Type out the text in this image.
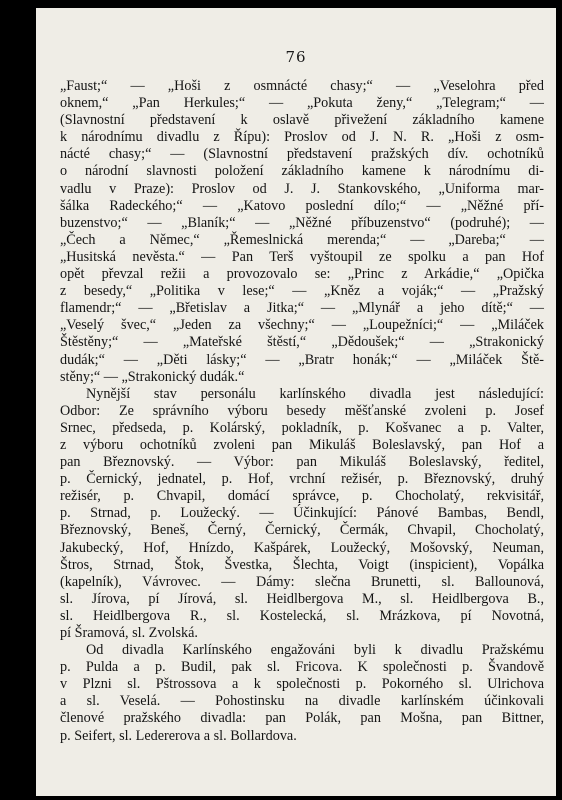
76
„Faust;“ — „Hoši z osmnácté chasy;“ — „Veselohra před
oknem,“ „Pan Herkules;“ — „Pokuta ženy,“ „Telegram;“ —
(Slavnostní představení k oslavě přivežení základního kamene
k národnímu divadlu z Řípu): Proslov od J. N. R. „Hoši z osm-
nácté chasy;“ — (Slavnostní představení pražských dív. ochotníků
o národní slavnosti položení základního kamene k národnímu di-
vadlu v Praze): Proslov od J. J. Stankovského, „Uniforma mar-
šálka Radeckého;“ — „Katovo poslední dílo;“ — „Něžné pří-
buzenstvo;“ — „Blaník;“ — „Něžné příbuzenstvo“ (podruhé); —
„Čech a Němec,“ „Řemeslnická merenda;“ — „Dareba;“ —
„Husitská nevěsta.“ — Pan Terš vyštoupil ze spolku a pan Hof
opět převzal režii a provozovalo se: „Princ z Arkádie,“ „Opička
z besedy,“ „Politika v lese;“ — „Kněz a voják;“ — „Pražský
flamendr;“ — „Břetislav a Jitka;“ — „Mlynář a jeho dítě;“ —
„Veselý švec,“ „Jeden za všechny;“ — „Loupežníci;“ — „Miláček
Štěstěny;“ — „Mateřské štěstí,“ „Dědoušek;“ — „Strakonický
dudák;“ — „Děti lásky;“ — „Bratr honák;“ — „Miláček Ště-
stěny;“ — „Strakonický dudák.“
Nynější stav personálu karlínského divadla jest následující:
Odbor: Ze správního výboru besedy měšťanské zvoleni p. Josef
Srnec, předseda, p. Kolárský, pokladník, p. Košvanec a p. Valter,
z výboru ochotníků zvoleni pan Mikuláš Boleslavský, pan Hof a
pan Březnovský. — Výbor: pan Mikuláš Boleslavský, ředitel,
p. Černický, jednatel, p. Hof, vrchní režisér, p. Březnovský, druhý
režisér, p. Chvapil, domácí správce, p. Chocholatý, rekvisitář,
p. Strnad, p. Loužecký. — Účinkující: Pánové Bambas, Bendl,
Březnovský, Beneš, Černý, Černický, Čermák, Chvapil, Chocholatý,
Jakubecký, Hof, Hnízdo, Kašpárek, Loužecký, Mošovský, Neuman,
Štros, Strnad, Štok, Švestka, Šlechta, Voigt (inspicient), Vopálka
(kapelník), Vávrovec. — Dámy: slečna Brunetti, sl. Ballounová,
sl. Jírova, pí Jírová, sl. Heidlbergova M., sl. Heidlbergova B.,
sl. Heidlbergova R., sl. Kostelecká, sl. Mrázkova, pí Novotná,
pí Šramová, sl. Zvolská.
Od divadla Karlínského engažováni byli k divadlu Pražskému
p. Pulda a p. Budil, pak sl. Fricova. K společnosti p. Švandově
v Plzni sl. Pštrossova a k společnosti p. Pokorného sl. Ulrichova
a sl. Veselá. — Pohostinsku na divadle karlínském účinkovali
členové pražského divadla: pan Polák, pan Mošna, pan Bittner,
p. Seifert, sl. Ledererova a sl. Bollardova.
